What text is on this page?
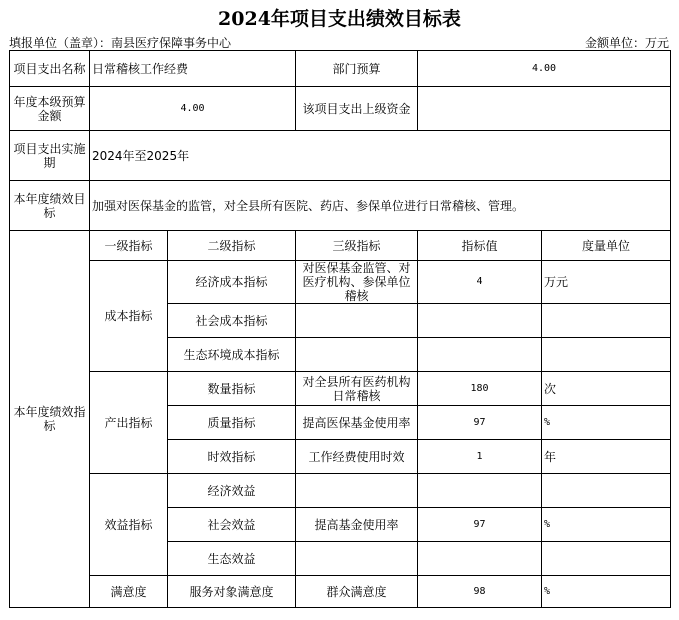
2024年项目支出绩效目标表
填报单位（盖章）：南县医疗保障事务中心	金额单位：万元
项目支出名称	日常稽核工作经费		部门预算	4.00	
年度本级预算金额	4.00		该项目支出上级资金		
项目支出实施期	2024年至2025年				
本年度绩效目标	加强对医保基金的监管，对全县所有医院、药店、参保单位进行日常稽核、管理。				
本年度绩效指标	一级指标	二级指标	三级指标	指标值	度量单位
	成本指标	经济成本指标	对医保基金监管、对医疗机构、参保单位稽核	4	万元
		社会成本指标			
		生态环境成本指标			
	产出指标	数量指标	对全县所有医药机构日常稽核	180	次
		质量指标	提高医保基金使用率	97	%
		时效指标	工作经费使用时效	1	年
	效益指标	经济效益			
		社会效益	提高基金使用率	97	%
		生态效益			
	满意度	服务对象满意度	群众满意度	98	%
